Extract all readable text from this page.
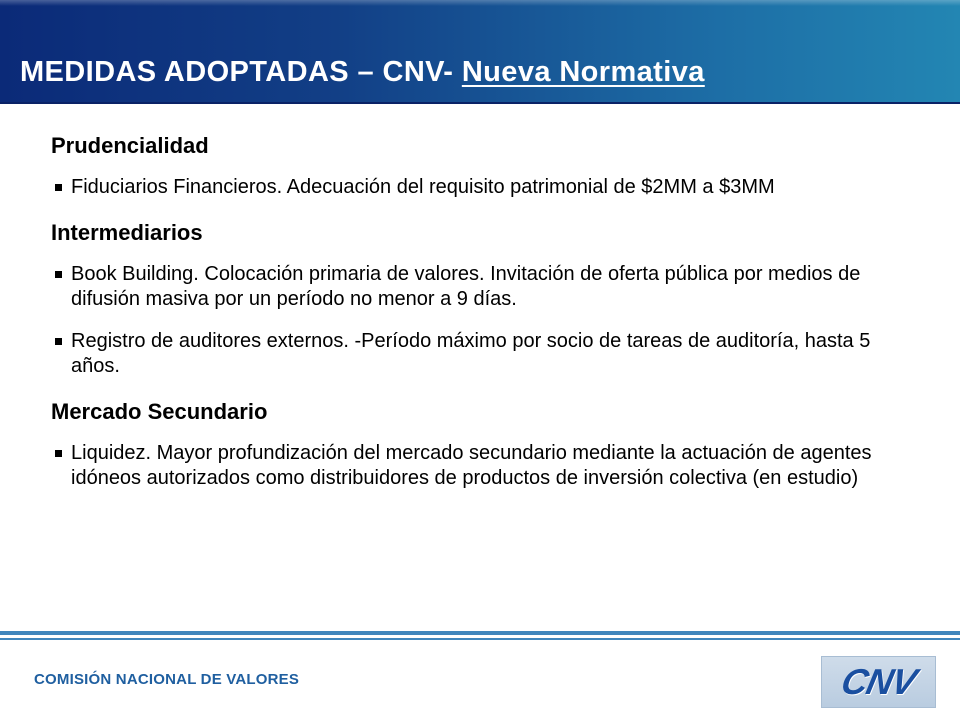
MEDIDAS ADOPTADAS – CNV- Nueva Normativa
Prudencialidad
Fiduciarios Financieros. Adecuación del requisito patrimonial de $2MM a $3MM
Intermediarios
Book Building. Colocación primaria de valores. Invitación de oferta pública por medios de difusión masiva por un período no menor a 9 días.
Registro de auditores externos. -Período máximo por socio de tareas de auditoría, hasta 5 años.
Mercado Secundario
Liquidez. Mayor profundización del mercado secundario mediante la actuación de agentes idóneos autorizados como distribuidores de productos de inversión colectiva (en estudio)
COMISIÓN NACIONAL DE VALORES	CNV
